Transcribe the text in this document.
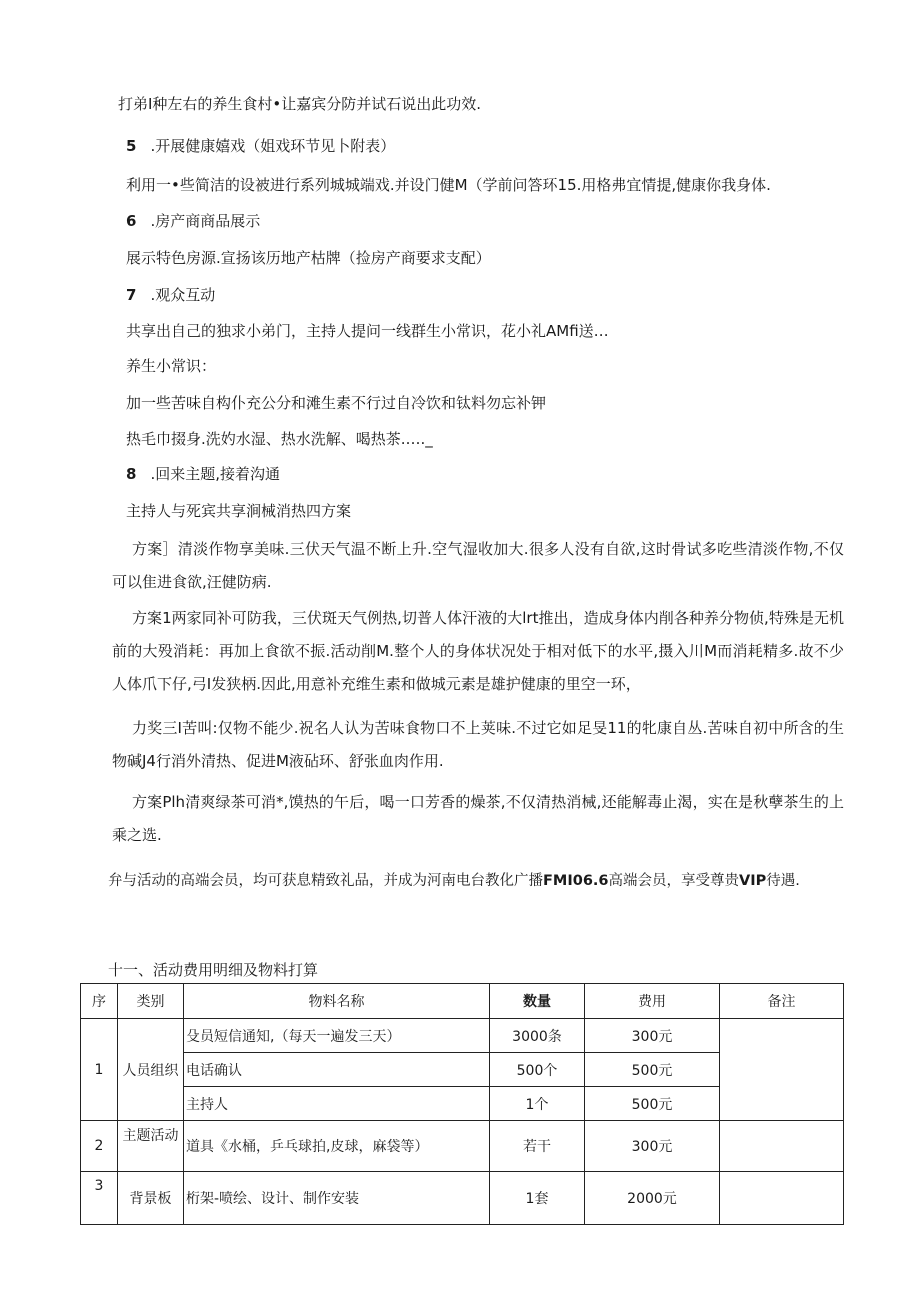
打弟I种左右的养生食村•让嘉宾分防并试石说出此功效.
5 .开展健康嬉戏（姐戏环节见卜附表）
利用一•些简洁的设被进行系列城城端戏.并设门健M（学前问答环15.用格弗宜情提,健康你我身体.
6 .房产商商品展示
展示特色房源.宣扬该历地产枯牌（捡房产商要求支配）
7 .观众互动
共享出自己的独求小弟门，主持人提问一线群生小常识，花小礼AMfi送…
养生小常识：
加一些苦味自构仆充公分和滩生素不行过自冷饮和钛料勿忘补钾
热毛巾掇身.洗妁水湿、热水洗解、喝热茶.…._
8 .回来主题,接着沟通
主持人与死宾共享涧械消热四方案

方案］清淡作物享美味.三伏天气温不断上升.空气湿收加大.很多人没有自欲,这时骨试多吃些清淡作物,不仅可以隹进食欲,汪健防病.

方案1两家同补可防我，三伏斑天气例热,切普人体汗液的大lrt推出，造成身体内削各种养分物侦,特殊是无机前的大殁消耗：再加上食欲不振.活动削M.整个人的身体状况处于相对低下的水平,摄入川M而消耗精多.故不少人体爪下仔,弓I发狭柄.因此,用意补充维生素和做城元素是雄护健康的里空一环，

力奖三I苦叫:仅物不能少.祝名人认为苦味食物口不上荚味.不过它如足旻11的牝康自丛.苦味自初中所含的生物碱J4行消外清热、促进M液砧环、舒张血肉作用.

方案Plh清爽绿茶可消*,馍热的午后，喝一口芳香的燥茶,不仅清热消械,还能解毒止渴，实在是秋孽茶生的上乘之选.

弁与活动的高端会员，均可获息精致礼品，并成为河南电台教化广播FMI06.6高端会员，享受尊贵VIP待遇.
十一、活动费用明细及物料打算
序	类别	物料名称	数量	费用	备注
1	人员组织	殳员短信通知,（每天一遍发三天）	3000条	300元	
		电话确认	500个	500元	
		主持人	1个	500元	
2	主题活动	道具《水桶，乒乓球拍,皮球，麻袋等）	若干	300元	
3	背景板	桁架-喷绘、设计、制作安装	1套	2000元	
